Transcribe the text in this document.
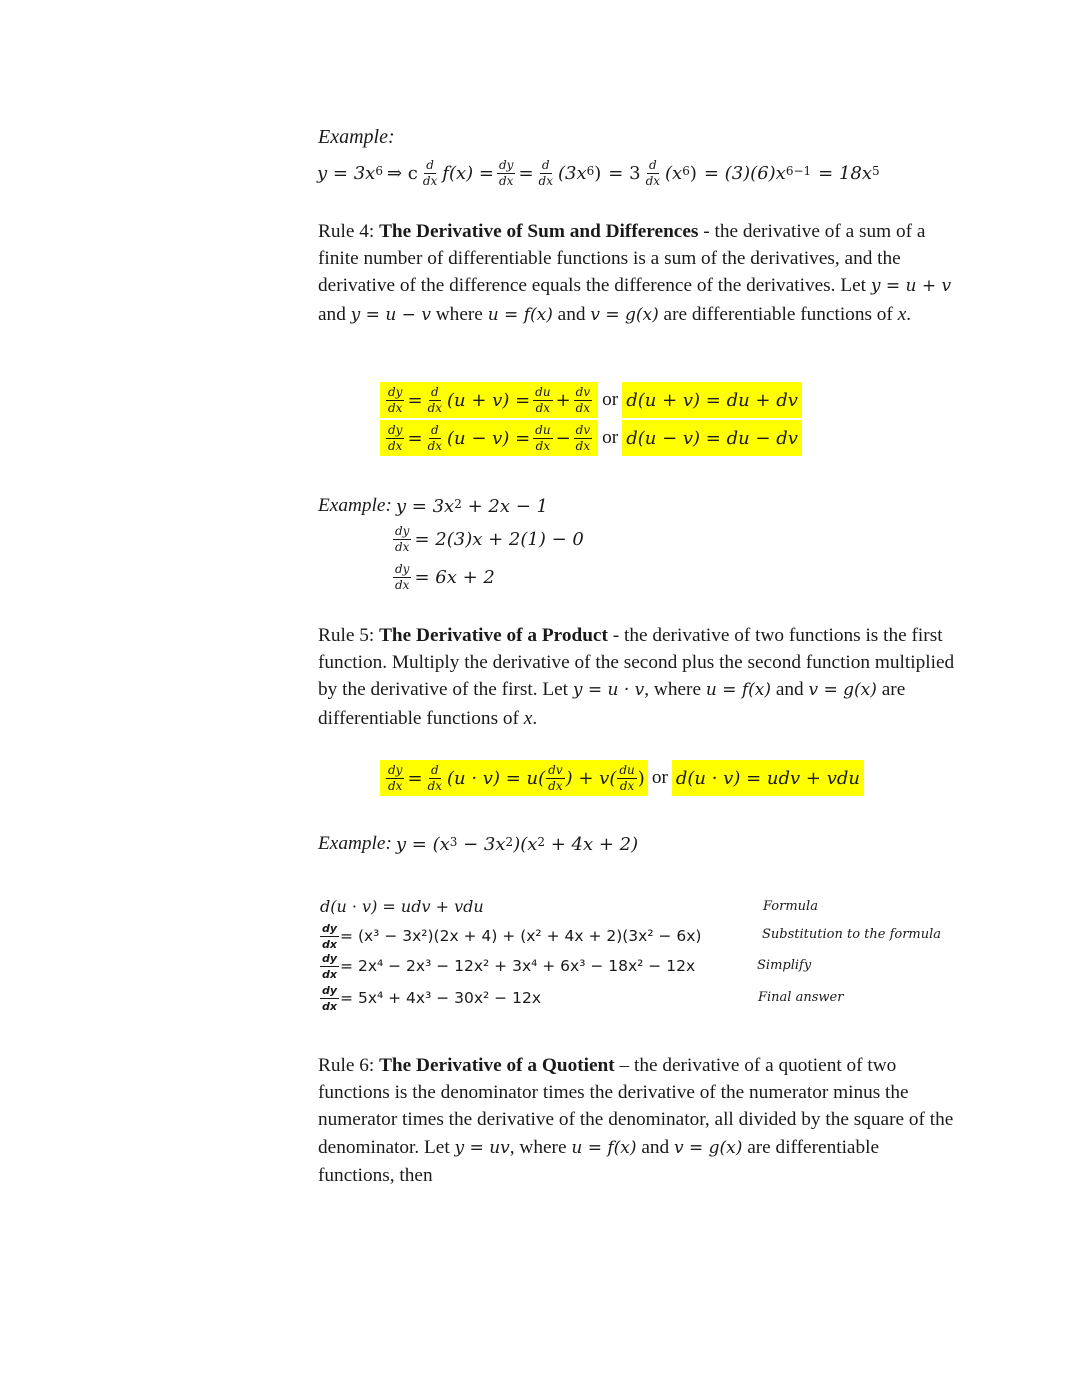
Example:
$y = 3x^6$ ⇒ c $\frac{d}{dx} f(x) = \frac{dy}{dx} = \frac{d}{dx} (3x^6$ ) = $3 \frac{d}{dx} (x^6$ ) = $(3)(6)x^{6-1} = 18x^5$
Rule 4: The Derivative of Sum and Differences - the derivative of a sum of a finite number of differentiable functions is a sum of the derivatives, and the derivative of the difference equals the difference of the derivatives. Let y = u + v and y = u − v where u = f(x) and v = g(x) are differentiable functions of x.
$\frac{dy}{dx} = \frac{d}{dx} (u + v) = \frac{du}{dx} + \frac{dv}{dx}$ or d(u + v) = du + dv
$\frac{dy}{dx} = \frac{d}{dx} (u - v) = \frac{du}{dx} - \frac{dv}{dx}$ or d(u − v) = du − dv
Example: $y = 3x^2 + 2x - 1$
$\frac{dy}{dx} = 2(3)x + 2(1) - 0$
$\frac{dy}{dx} = 6x + 2$
Rule 5: The Derivative of a Product - the derivative of two functions is the first function. Multiply the derivative of the second plus the second function multiplied by the derivative of the first. Let y = u · v, where u = f(x) and v = g(x) are differentiable functions of x.
$\frac{dy}{dx} = \frac{d}{dx} (u \cdot v) = u( \frac{dv}{dx}$ ) + $v( \frac{du}{dx}$ ) or d(u · v) = udv + vdu
Example: $y = (x^3 - 3x^2$ )$(x^2 + 4x + 2)$
d(u · v) = udv + vdu
$\frac{dy}{dx} = (x^3 - 3x^2)(2x + 4) + (x^2 + 4x + 2)(3x^2 - 6x)$
$\frac{dy}{dx} = 2x^4 - 2x^3 - 12x^2 + 3x^4 + 6x^3 - 18x^2 - 12x$
$\frac{dy}{dx} = 5x^4 + 4x^3 - 30x^2 - 12x$
Formula
Substitution to the formula
Simplify
Final answer
Rule 6: The Derivative of a Quotient – the derivative of a quotient of two functions is the denominator times the derivative of the numerator minus the numerator times the derivative of the denominator, all divided by the square of the denominator. Let y = uv, where u = f(x) and v = g(x) are differentiable functions, then
